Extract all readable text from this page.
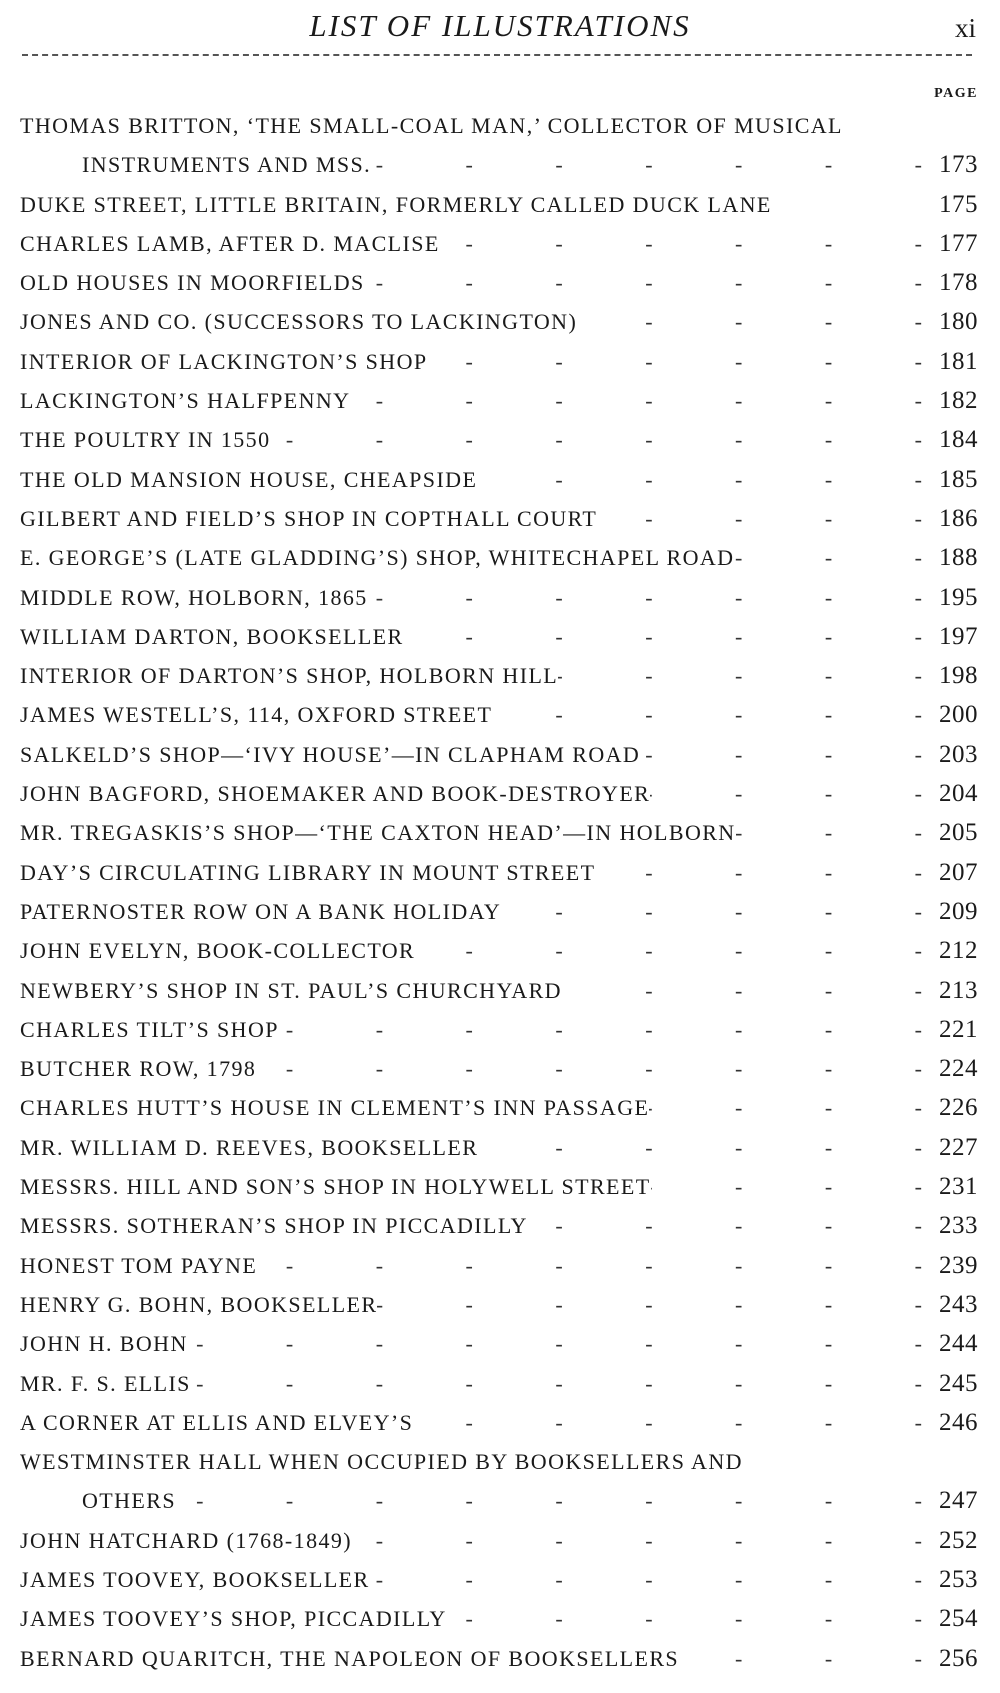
LIST OF ILLUSTRATIONS	xi
PAGE
THOMAS BRITTON, ‘THE SMALL-COAL MAN,’ COLLECTOR OF MUSICAL
INSTRUMENTS AND MSS. -	173
DUKE STREET, LITTLE BRITAIN, FORMERLY CALLED DUCK LANE	175
CHARLES LAMB, AFTER D. MACLISE -	177
OLD HOUSES IN MOORFIELDS -	178
JONES AND CO. (SUCCESSORS TO LACKINGTON) -	180
INTERIOR OF LACKINGTON’S SHOP -	181
LACKINGTON’S HALFPENNY -	182
THE POULTRY IN 1550 -	184
THE OLD MANSION HOUSE, CHEAPSIDE -	185
GILBERT AND FIELD’S SHOP IN COPTHALL COURT -	186
E. GEORGE’S (LATE GLADDING’S) SHOP, WHITECHAPEL ROAD -	188
MIDDLE ROW, HOLBORN, 1865 -	195
WILLIAM DARTON, BOOKSELLER -	197
INTERIOR OF DARTON’S SHOP, HOLBORN HILL -	198
JAMES WESTELL’S, 114, OXFORD STREET -	200
SALKELD’S SHOP—‘IVY HOUSE’—IN CLAPHAM ROAD -	203
JOHN BAGFORD, SHOEMAKER AND BOOK-DESTROYER -	204
MR. TREGASKIS’S SHOP—‘THE CAXTON HEAD’—IN HOLBORN -	205
DAY’S CIRCULATING LIBRARY IN MOUNT STREET -	207
PATERNOSTER ROW ON A BANK HOLIDAY -	209
JOHN EVELYN, BOOK-COLLECTOR -	212
NEWBERY’S SHOP IN ST. PAUL’S CHURCHYARD -	213
CHARLES TILT’S SHOP -	221
BUTCHER ROW, 1798 -	224
CHARLES HUTT’S HOUSE IN CLEMENT’S INN PASSAGE -	226
MR. WILLIAM D. REEVES, BOOKSELLER -	227
MESSRS. HILL AND SON’S SHOP IN HOLYWELL STREET -	231
MESSRS. SOTHERAN’S SHOP IN PICCADILLY -	233
HONEST TOM PAYNE -	239
HENRY G. BOHN, BOOKSELLER -	243
JOHN H. BOHN -	244
MR. F. S. ELLIS -	245
A CORNER AT ELLIS AND ELVEY’S -	246
WESTMINSTER HALL WHEN OCCUPIED BY BOOKSELLERS AND
OTHERS -	247
JOHN HATCHARD (1768-1849) -	252
JAMES TOOVEY, BOOKSELLER -	253
JAMES TOOVEY’S SHOP, PICCADILLY -	254
BERNARD QUARITCH, THE NAPOLEON OF BOOKSELLERS -	256
